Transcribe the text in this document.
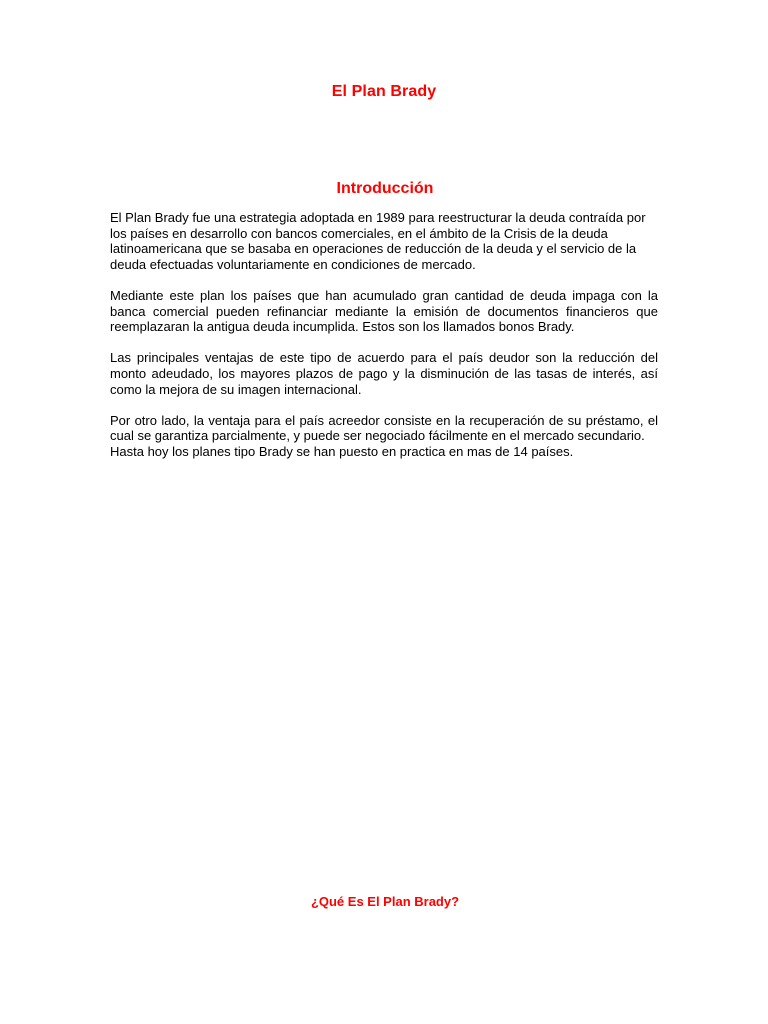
El Plan Brady
Introducción

El Plan Brady fue una estrategia adoptada en 1989 para reestructurar la deuda contraída por los países en desarrollo con bancos comerciales, en el ámbito de la Crisis de la deuda latinoamericana que se basaba en operaciones de reducción de la deuda y el servicio de la deuda efectuadas voluntariamente en condiciones de mercado.

Mediante este plan los países que han acumulado gran cantidad de deuda impaga con la banca comercial pueden refinanciar mediante la emisión de documentos financieros que reemplazaran la antigua deuda incumplida. Estos son los llamados bonos Brady.

Las principales ventajas de este tipo de acuerdo para el país deudor son la reducción del monto adeudado, los mayores plazos de pago y la disminución de las tasas de interés, así como la mejora de su imagen internacional.

Por otro lado, la ventaja para el país acreedor consiste en la recuperación de su préstamo, el cual se garantiza parcialmente, y puede ser negociado fácilmente en el mercado secundario.

Hasta hoy los planes tipo Brady se han puesto en practica en mas de 14 países.

¿Qué Es El Plan Brady?
